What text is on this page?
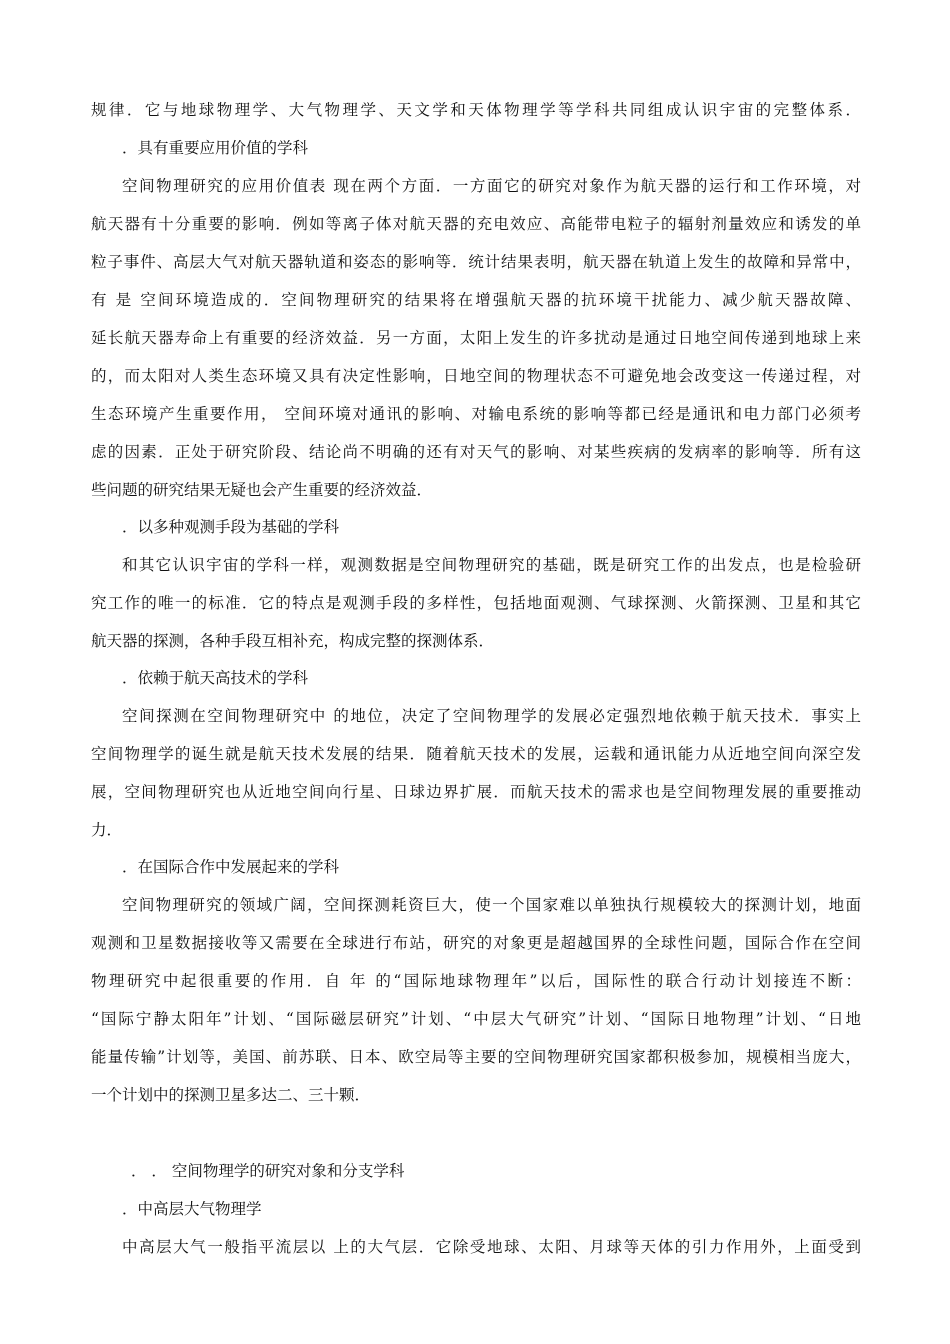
规律．它与地球物理学、大气物理学、天文学和天体物理学等学科共同组成认识宇宙的完整体系．
．具有重要应用价值的学科
空间物理研究的应用价值表 现在两个方面．一方面它的研究对象作为航天器的运行和工作环境，对
航天器有十分重要的影响．例如等离子体对航天器的充电效应、高能带电粒子的辐射剂量效应和诱发的单
粒子事件、高层大气对航天器轨道和姿态的影响等．统计结果表明，航天器在轨道上发生的故障和异常中，
有 是 空间环境造成的．空间物理研究的结果将在增强航天器的抗环境干扰能力、减少航天器故障、
延长航天器寿命上有重要的经济效益．另一方面，太阳上发生的许多扰动是通过日地空间传递到地球上来
的，而太阳对人类生态环境又具有决定性影响，日地空间的物理状态不可避免地会改变这一传递过程，对
生态环境产生重要作用， 空间环境对通讯的影响、对输电系统的影响等都已经是通讯和电力部门必须考
虑的因素．正处于研究阶段、结论尚不明确的还有对天气的影响、对某些疾病的发病率的影响等．所有这
些问题的研究结果无疑也会产生重要的经济效益．
．以多种观测手段为基础的学科
和其它认识宇宙的学科一样，观测数据是空间物理研究的基础，既是研究工作的出发点，也是检验研
究工作的唯一的标准．它的特点是观测手段的多样性，包括地面观测、气球探测、火箭探测、卫星和其它
航天器的探测，各种手段互相补充，构成完整的探测体系．
．依赖于航天高技术的学科
空间探测在空间物理研究中 的地位，决定了空间物理学的发展必定强烈地依赖于航天技术．事实上
空间物理学的诞生就是航天技术发展的结果．随着航天技术的发展，运载和通讯能力从近地空间向深空发
展，空间物理研究也从近地空间向行星、日球边界扩展．而航天技术的需求也是空间物理发展的重要推动
力．
．在国际合作中发展起来的学科
空间物理研究的领域广阔，空间探测耗资巨大，使一个国家难以单独执行规模较大的探测计划，地面
观测和卫星数据接收等又需要在全球进行布站，研究的对象更是超越国界的全球性问题，国际合作在空间
物理研究中起很重要的作用．自 年 的“国际地球物理年”以后，国际性的联合行动计划接连不断：
“国际宁静太阳年”计划、“国际磁层研究”计划、“中层大气研究”计划、“国际日地物理”计划、“日地
能量传输”计划等，美国、前苏联、日本、欧空局等主要的空间物理研究国家都积极参加，规模相当庞大，
一个计划中的探测卫星多达二、三十颗．
． ． 空间物理学的研究对象和分支学科
．中高层大气物理学
中高层大气一般指平流层以 上的大气层．它除受地球、太阳、月球等天体的引力作用外，上面受到
